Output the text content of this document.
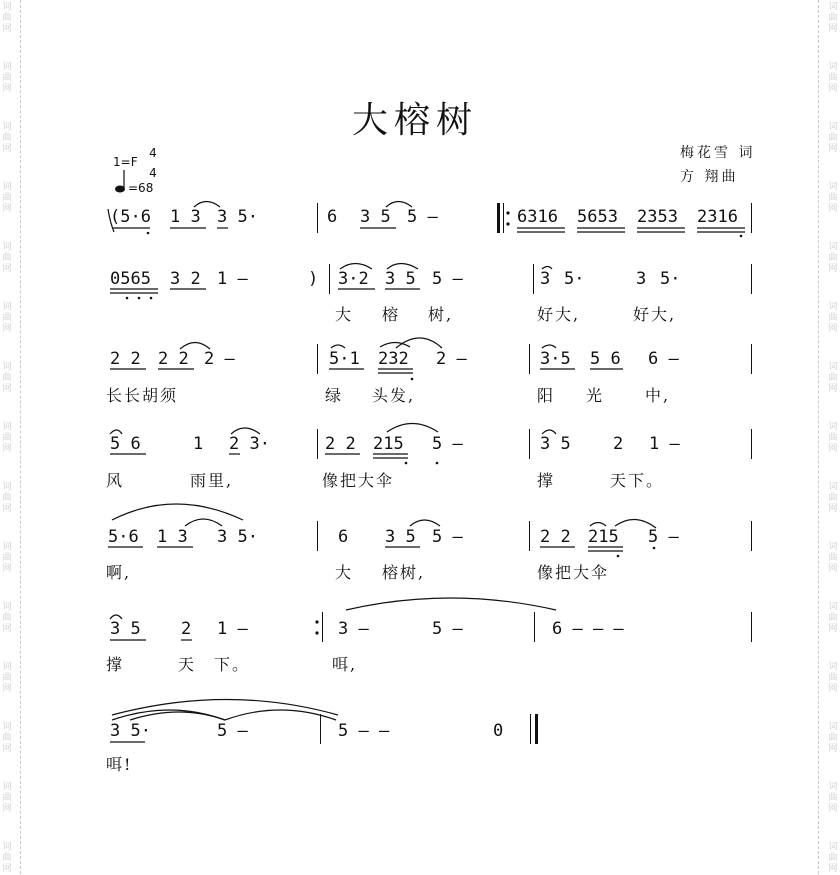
词曲网
词曲网
词曲网
词曲网
词曲网
词曲网
词曲网
词曲网
词曲网
词曲网
词曲网
词曲网
词曲网
词曲网
词曲网
词曲网
词曲网
词曲网
词曲网
词曲网
词曲网
词曲网
词曲网
词曲网
词曲网
词曲网
词曲网
词曲网
词曲网
词曲网
大榕树
梅花雪 词
方 翔曲
1=F
4
4
=68
(5·6 1 3 3 5·	6 3 5 5 –	6316 5653 2353 2316
0565 3 2 1 –	) 3·2 3 5 5 –	3 5·	3 5·
大 榕 树,	好大,	好大,
2 2 2 2 2 –	5·1 232 2 –	3·5 5 6 6 –
长长胡须	绿 头发,	阳 光	中,
5 6	1 2 3·	2 2 215 5 –	3 5 2 1 –
风	雨里,	像把大伞	撑	天下。
5·6 1 3 3 5·	6 3 5 5 –	2 2 215 5 –
啊,	大 榕树,	像把大伞
3 5 2 1 –	3 –	5 –	6 – – –
撑	天 下。	咡,
3 5·	5 –	5 – –	0
咡!
